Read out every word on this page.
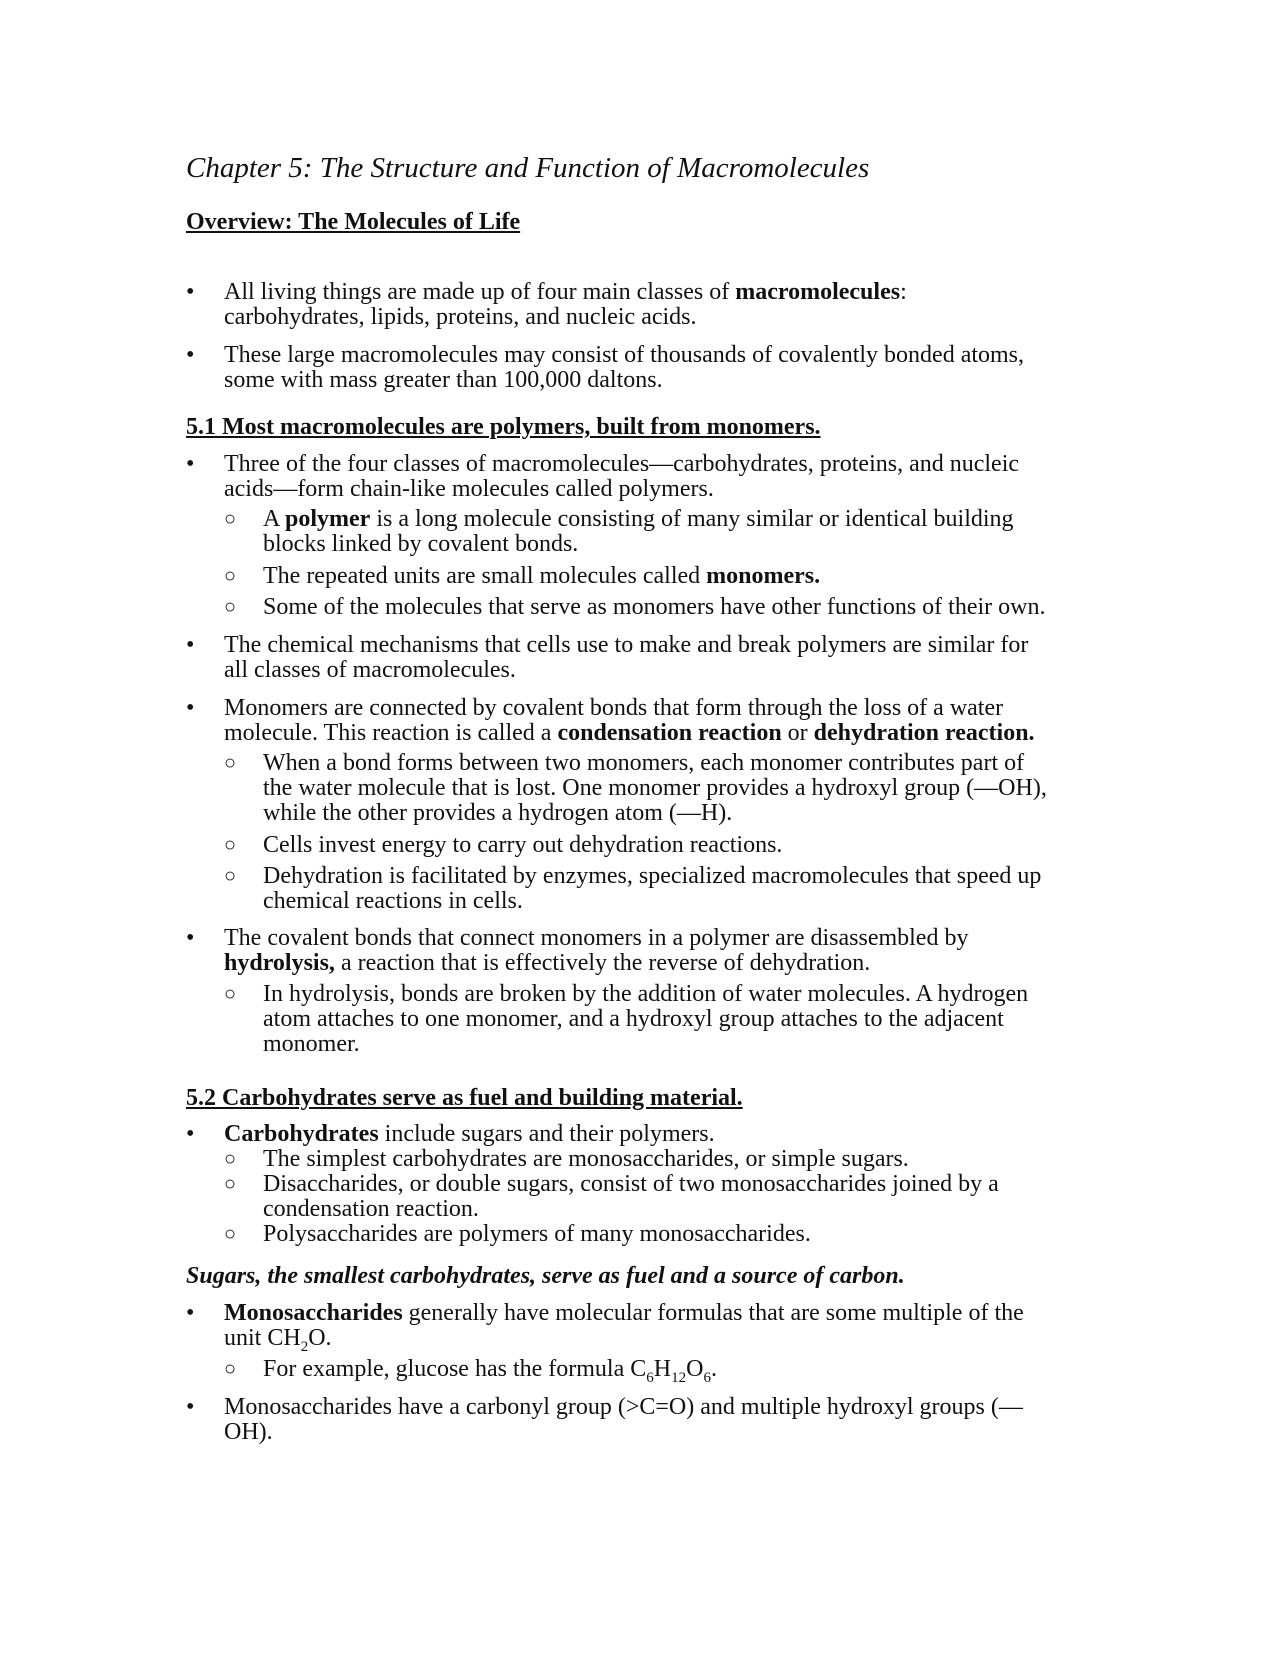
Chapter 5: The Structure and Function of Macromolecules
Overview: The Molecules of Life
•	All living things are made up of four main classes of macromolecules:
carbohydrates, lipids, proteins, and nucleic acids.
•	These large macromolecules may consist of thousands of covalently bonded atoms,
some with mass greater than 100,000 daltons.
5.1 Most macromolecules are polymers, built from monomers.
•	Three of the four classes of macromolecules—carbohydrates, proteins, and nucleic
acids—form chain-like molecules called polymers.
○	A polymer is a long molecule consisting of many similar or identical building
blocks linked by covalent bonds.
○	The repeated units are small molecules called monomers.
○	Some of the molecules that serve as monomers have other functions of their own.
•	The chemical mechanisms that cells use to make and break polymers are similar for
all classes of macromolecules.
•	Monomers are connected by covalent bonds that form through the loss of a water
molecule. This reaction is called a condensation reaction or dehydration reaction.
○	When a bond forms between two monomers, each monomer contributes part of
the water molecule that is lost. One monomer provides a hydroxyl group (—OH),
while the other provides a hydrogen atom (—H).
○	Cells invest energy to carry out dehydration reactions.
○	Dehydration is facilitated by enzymes, specialized macromolecules that speed up
chemical reactions in cells.
•	The covalent bonds that connect monomers in a polymer are disassembled by
hydrolysis, a reaction that is effectively the reverse of dehydration.
○	In hydrolysis, bonds are broken by the addition of water molecules. A hydrogen
atom attaches to one monomer, and a hydroxyl group attaches to the adjacent
monomer.
5.2 Carbohydrates serve as fuel and building material.
•	Carbohydrates include sugars and their polymers.
○	The simplest carbohydrates are monosaccharides, or simple sugars.
○	Disaccharides, or double sugars, consist of two monosaccharides joined by a
condensation reaction.
○	Polysaccharides are polymers of many monosaccharides.
Sugars, the smallest carbohydrates, serve as fuel and a source of carbon.
•	Monosaccharides generally have molecular formulas that are some multiple of the
unit $CH_2O$.
○	For example, glucose has the formula $C_6H_{12}O_6$.
•	Monosaccharides have a carbonyl group (>C=O) and multiple hydroxyl groups (—
OH).
